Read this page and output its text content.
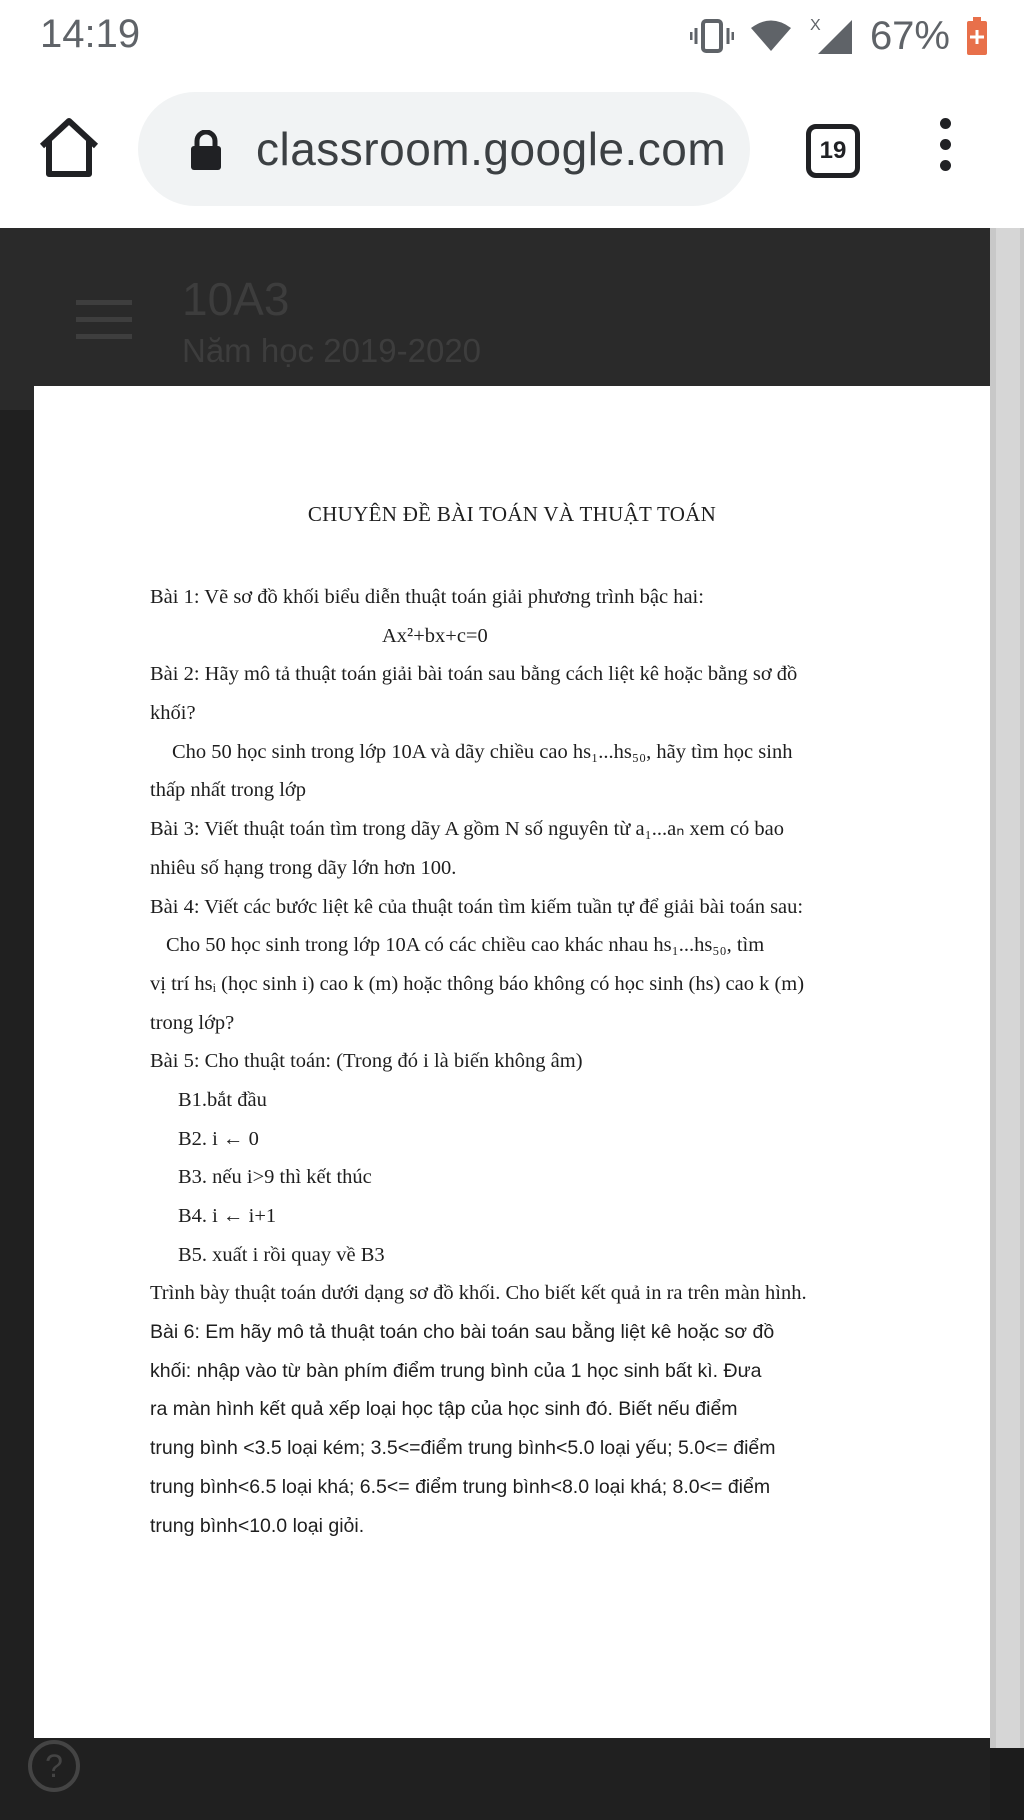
14:19	X 67%
classroom.google.com	19
10A3
Năm học 2019-2020
?
CHUYÊN ĐỀ BÀI TOÁN VÀ THUẬT TOÁN
Bài 1: Vẽ sơ đồ khối biểu diễn thuật toán giải phương trình bậc hai:
Ax²+bx+c=0
Bài 2: Hãy mô tả thuật toán giải bài toán sau bằng cách liệt kê hoặc bằng sơ đồ
khối?
Cho 50 học sinh trong lớp 10A và dãy chiều cao hs₁...hs₅₀, hãy tìm học sinh
thấp nhất trong lớp
Bài 3: Viết thuật toán tìm trong dãy A gồm N số nguyên từ a₁...aₙ xem có bao
nhiêu số hạng trong dãy lớn hơn 100.
Bài 4: Viết các bước liệt kê của thuật toán tìm kiếm tuần tự để giải bài toán sau:
Cho 50 học sinh trong lớp 10A có các chiều cao khác nhau hs₁...hs₅₀, tìm
vị trí hsᵢ (học sinh i) cao k (m) hoặc thông báo không có học sinh (hs) cao k (m)
trong lớp?
Bài 5: Cho thuật toán: (Trong đó i là biến không âm)
B1.bắt đầu
B2. i ← 0
B3. nếu i>9 thì kết thúc
B4. i ← i+1
B5. xuất i rồi quay về B3
Trình bày thuật toán dưới dạng sơ đồ khối. Cho biết kết quả in ra trên màn hình.
Bài 6: Em hãy mô tả thuật toán cho bài toán sau bằng liệt kê hoặc sơ đồ
khối: nhập vào từ bàn phím điểm trung bình của 1 học sinh bất kì. Đưa
ra màn hình kết quả xếp loại học tập của học sinh đó. Biết nếu điểm
trung bình <3.5 loại kém; 3.5<=điểm trung bình<5.0 loại yếu; 5.0<= điểm
trung bình<6.5 loại khá; 6.5<= điểm trung bình<8.0 loại khá; 8.0<= điểm
trung bình<10.0 loại giỏi.
